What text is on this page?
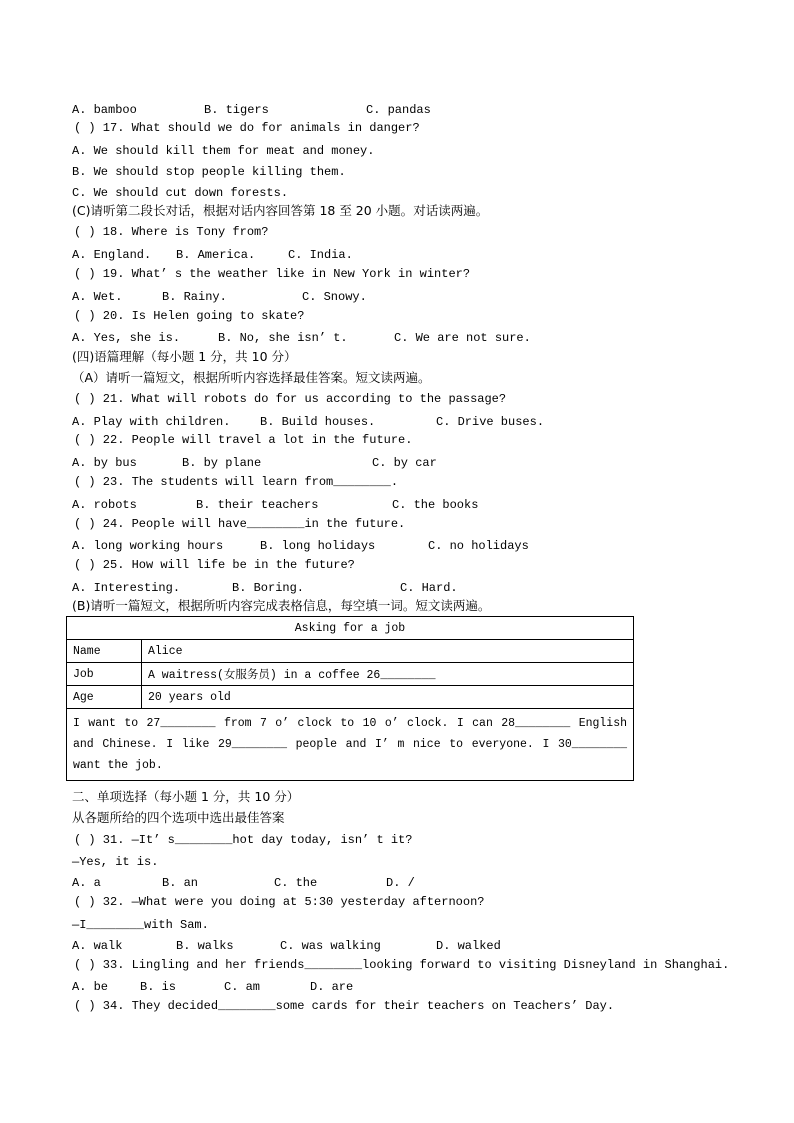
A. bamboo	B. tigers	C. pandas
( ) 17. What should we do for animals in danger?
A. We should kill them for meat and money.
B. We should stop people killing them.
C. We should cut down forests.
(C)请听第二段长对话，根据对话内容回答第 18 至 20 小题。对话读两遍。
( ) 18. Where is Tony from?
A. England. B. America.	C. India.
( ) 19. What’ s the weather like in New York in winter?
A. Wet.	B. Rainy.	C. Snowy.
( ) 20. Is Helen going to skate?
A. Yes, she is.	B. No, she isn’ t.	C. We are not sure.
(四)语篇理解（每小题 1 分，共 10 分）
（A）请听一篇短文，根据所听内容选择最佳答案。短文读两遍。
( ) 21. What will robots do for us according to the passage?
A. Play with children. B. Build houses.	C. Drive buses.
( ) 22. People will travel a lot in the future.
A. by bus	B. by plane	C. by car
( ) 23. The students will learn from________.
A. robots	B. their teachers	C. the books
( ) 24. People will have________in the future.
A. long working hours	B. long holidays	C. no holidays
( ) 25. How will life be in the future?
A. Interesting.	B. Boring.	C. Hard.
(B)请听一篇短文，根据所听内容完成表格信息，每空填一词。短文读两遍。
Asking for a job	
Name	Alice
Job	A waitress(女服务员) in a coffee 26________
Age	20 years old
I want to 27________ from 7 o’ clock to 10 o’ clock. I can 28________ English and Chinese. I like 29________ people and I’ m nice to everyone. I 30________ want the job.	
二、单项选择（每小题 1 分，共 10 分）
从各题所给的四个选项中选出最佳答案
( ) 31. —It’ s________hot day today, isn’ t it?
—Yes, it is.
A. a	B. an	C. the	D. /
( ) 32. —What were you doing at 5:30 yesterday afternoon?
—I________with Sam.
A. walk	B. walks	C. was walking	D. walked
( ) 33. Lingling and her friends________looking forward to visiting Disneyland in Shanghai.
A. be	B. is	C. am	D. are
( ) 34. They decided________some cards for their teachers on Teachers’ Day.
